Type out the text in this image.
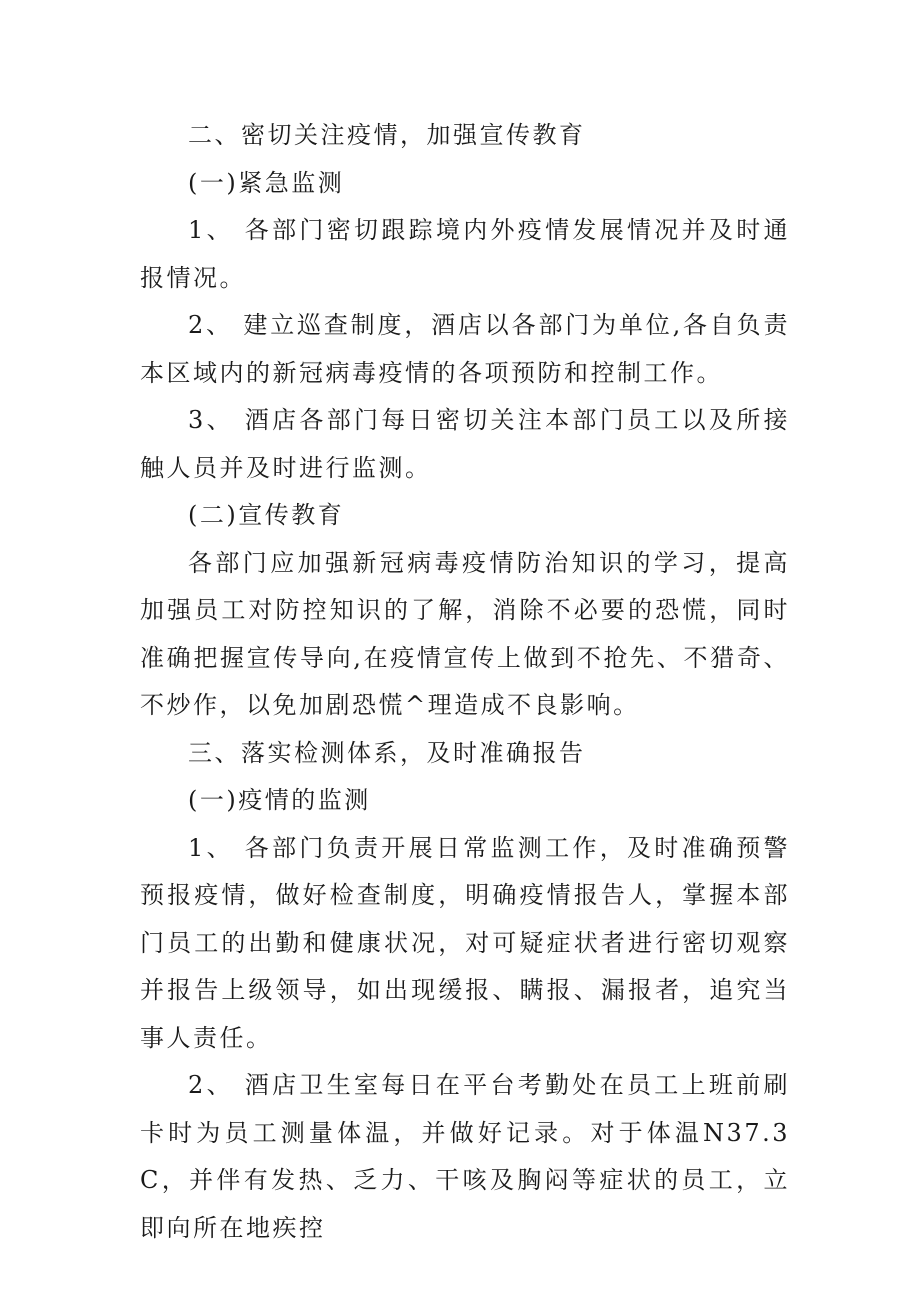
二、密切关注疫情，加强宣传教育

(一)紧急监测

1、 各部门密切跟踪境内外疫情发展情况并及时通报情况。

2、 建立巡查制度，酒店以各部门为单位,各自负责本区域内的新冠病毒疫情的各项预防和控制工作。

3、 酒店各部门每日密切关注本部门员工以及所接触人员并及时进行监测。

(二)宣传教育

各部门应加强新冠病毒疫情防治知识的学习，提高加强员工对防控知识的了解，消除不必要的恐慌，同时准确把握宣传导向,在疫情宣传上做到不抢先、不猎奇、不炒作，以免加剧恐慌^理造成不良影响。

三、落实检测体系，及时准确报告

(一)疫情的监测

1、 各部门负责开展日常监测工作，及时准确预警预报疫情，做好检查制度，明确疫情报告人，掌握本部门员工的出勤和健康状况，对可疑症状者进行密切观察并报告上级领导，如出现缓报、瞒报、漏报者，追究当事人责任。

2、 酒店卫生室每日在平台考勤处在员工上班前刷卡时为员工测量体温，并做好记录。对于体温N37.3C，并伴有发热、乏力、干咳及胸闷等症状的员工，立即向所在地疾控
